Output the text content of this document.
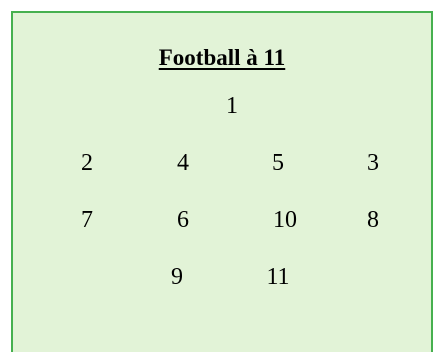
Football à 11
1
2	4	5	3
7	6	10	8
9	11
